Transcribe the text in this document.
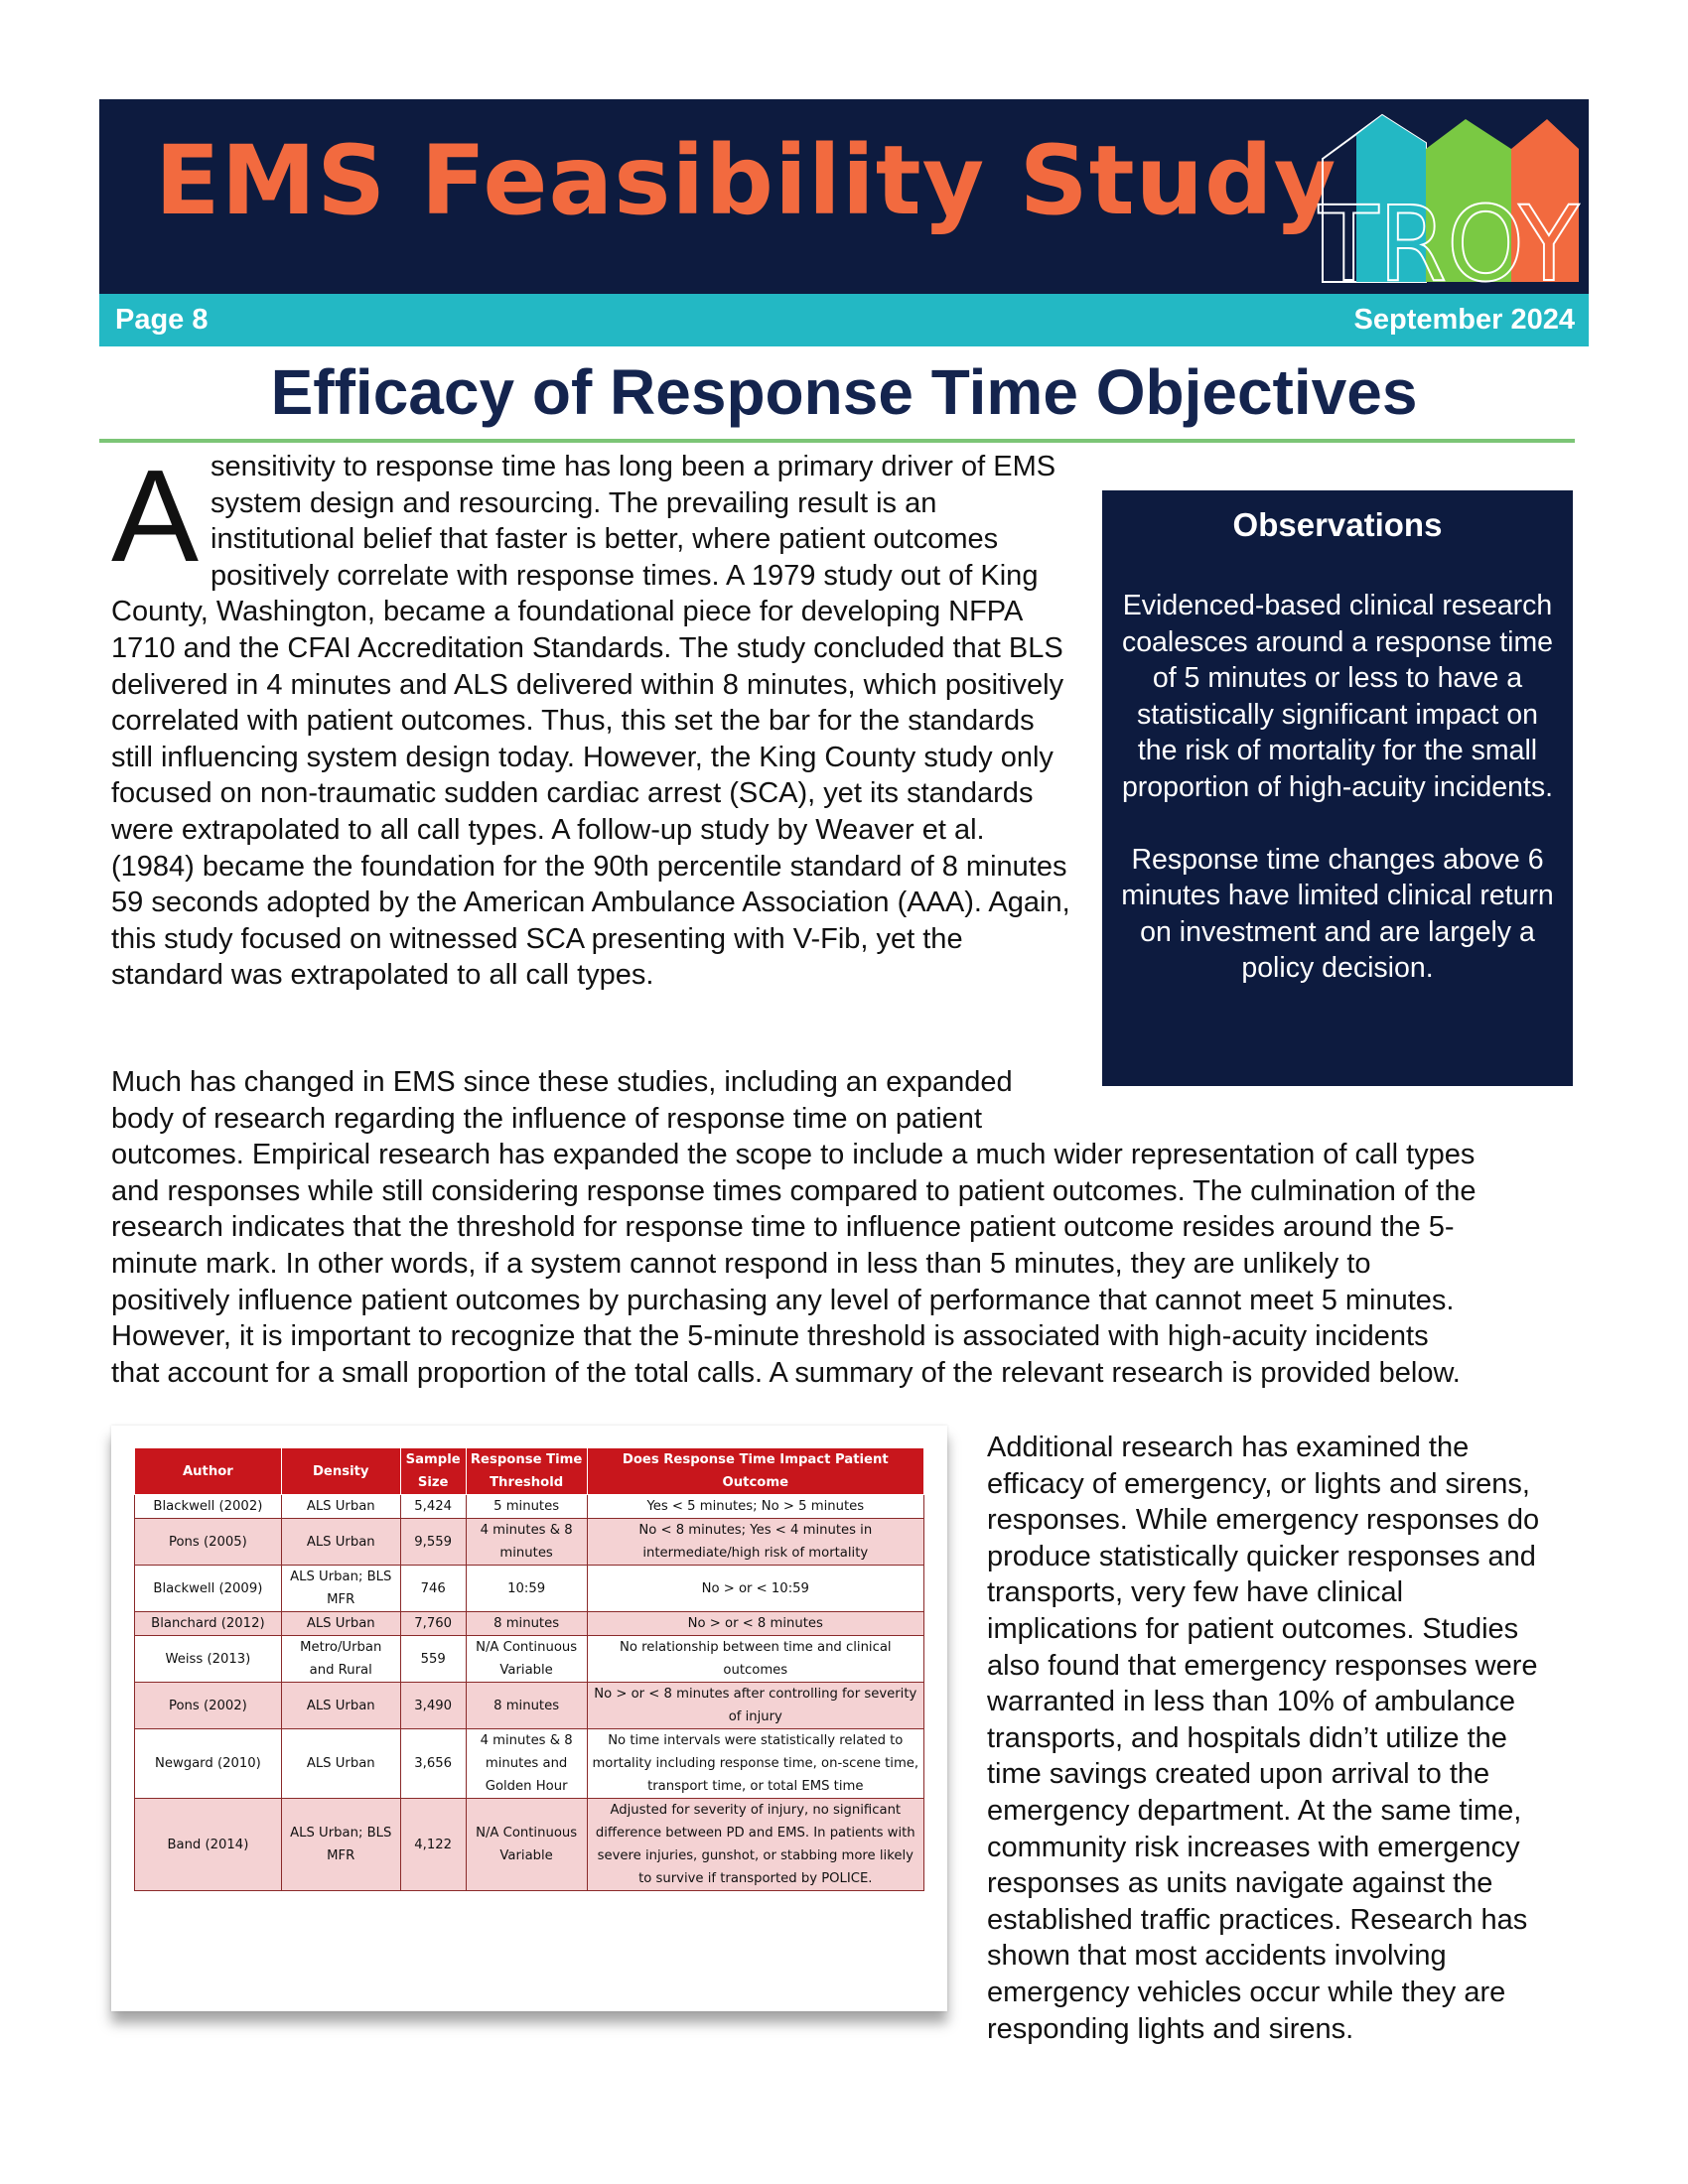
EMS Feasibility Study
TROY
Page 8	September 2024
Efficacy of Response Time Objectives

A sensitivity to response time has long been a primary driver of EMS system design and resourcing. The prevailing result is an institutional belief that faster is better, where patient outcomes positively correlate with response times. A 1979 study out of King County, Washington, became a foundational piece for developing NFPA 1710 and the CFAI Accreditation Standards. The study concluded that BLS delivered in 4 minutes and ALS delivered within 8 minutes, which positively correlated with patient outcomes. Thus, this set the bar for the standards still influencing system design today. However, the King County study only focused on non-traumatic sudden cardiac arrest (SCA), yet its standards were extrapolated to all call types. A follow-up study by Weaver et al. (1984) became the foundation for the 90th percentile standard of 8 minutes 59 seconds adopted by the American Ambulance Association (AAA). Again, this study focused on witnessed SCA presenting with V-Fib, yet the standard was extrapolated to all call types.

Observations

Evidenced-based clinical research coalesces around a response time of 5 minutes or less to have a statistically significant impact on the risk of mortality for the small proportion of high-acuity incidents.

Response time changes above 6 minutes have limited clinical return on investment and are largely a policy decision.

Much has changed in EMS since these studies, including an expanded
body of research regarding the influence of response time on patient
outcomes. Empirical research has expanded the scope to include a much wider representation of call types
and responses while still considering response times compared to patient outcomes. The culmination of the
research indicates that the threshold for response time to influence patient outcome resides around the 5-
minute mark. In other words, if a system cannot respond in less than 5 minutes, they are unlikely to
positively influence patient outcomes by purchasing any level of performance that cannot meet 5 minutes.
However, it is important to recognize that the 5-minute threshold is associated with high-acuity incidents
that account for a small proportion of the total calls. A summary of the relevant research is provided below.

Author	Density	Sample Size	Response Time Threshold	Does Response Time Impact Patient Outcome
Blackwell (2002)	ALS Urban	5,424	5 minutes	Yes < 5 minutes; No > 5 minutes
Pons (2005)	ALS Urban	9,559	4 minutes & 8 minutes	No < 8 minutes; Yes < 4 minutes in intermediate/high risk of mortality
Blackwell (2009)	ALS Urban; BLS MFR	746	10:59	No > or < 10:59
Blanchard (2012)	ALS Urban	7,760	8 minutes	No > or < 8 minutes
Weiss (2013)	Metro/Urban and Rural	559	N/A Continuous Variable	No relationship between time and clinical outcomes
Pons (2002)	ALS Urban	3,490	8 minutes	No > or < 8 minutes after controlling for severity of injury
Newgard (2010)	ALS Urban	3,656	4 minutes & 8 minutes and Golden Hour	No time intervals were statistically related to mortality including response time, on-scene time, transport time, or total EMS time
Band (2014)	ALS Urban; BLS MFR	4,122	N/A Continuous Variable	Adjusted for severity of injury, no significant difference between PD and EMS. In patients with severe injuries, gunshot, or stabbing more likely to survive if transported by POLICE.

Additional research has examined the
efficacy of emergency, or lights and sirens,
responses. While emergency responses do
produce statistically quicker responses and
transports, very few have clinical
implications for patient outcomes. Studies
also found that emergency responses were
warranted in less than 10% of ambulance
transports, and hospitals didn’t utilize the
time savings created upon arrival to the
emergency department. At the same time,
community risk increases with emergency
responses as units navigate against the
established traffic practices. Research has
shown that most accidents involving
emergency vehicles occur while they are
responding lights and sirens.
